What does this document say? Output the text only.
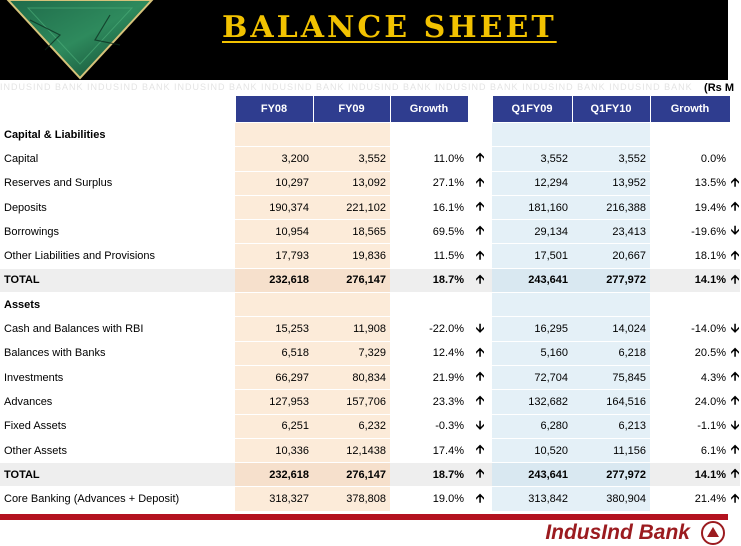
BALANCE SHEET
INDUSIND BANK INDUSIND BANK INDUSIND BANK INDUSIND BANK INDUSIND BANK INDUSIND BANK INDUSIND BANK INDUSIND BANK	(Rs M
	FY08	FY09	Growth		Q1FY09	Q1FY10	Growth	
Capital & Liabilities								
Capital	3,200	3,552	11.0%	🡩	3,552	3,552	0.0%	
Reserves and Surplus	10,297	13,092	27.1%	🡩	12,294	13,952	13.5%	🡩
Deposits	190,374	221,102	16.1%	🡩	181,160	216,388	19.4%	🡩
Borrowings	10,954	18,565	69.5%	🡩	29,134	23,413	-19.6%	🡫
Other Liabilities and Provisions	17,793	19,836	11.5%	🡩	17,501	20,667	18.1%	🡩
TOTAL	232,618	276,147	18.7%	🡩	243,641	277,972	14.1%	🡩
Assets								
Cash and Balances with RBI	15,253	11,908	-22.0%	🡫	16,295	14,024	-14.0%	🡫
Balances with Banks	6,518	7,329	12.4%	🡩	5,160	6,218	20.5%	🡩
Investments	66,297	80,834	21.9%	🡩	72,704	75,845	4.3%	🡩
Advances	127,953	157,706	23.3%	🡩	132,682	164,516	24.0%	🡩
Fixed Assets	6,251	6,232	-0.3%	🡫	6,280	6,213	-1.1%	🡫
Other Assets	10,336	12,1438	17.4%	🡩	10,520	11,156	6.1%	🡩
TOTAL	232,618	276,147	18.7%	🡩	243,641	277,972	14.1%	🡩
Core Banking (Advances + Deposit)	318,327	378,808	19.0%	🡩	313,842	380,904	21.4%	🡩
IndusInd Bank
